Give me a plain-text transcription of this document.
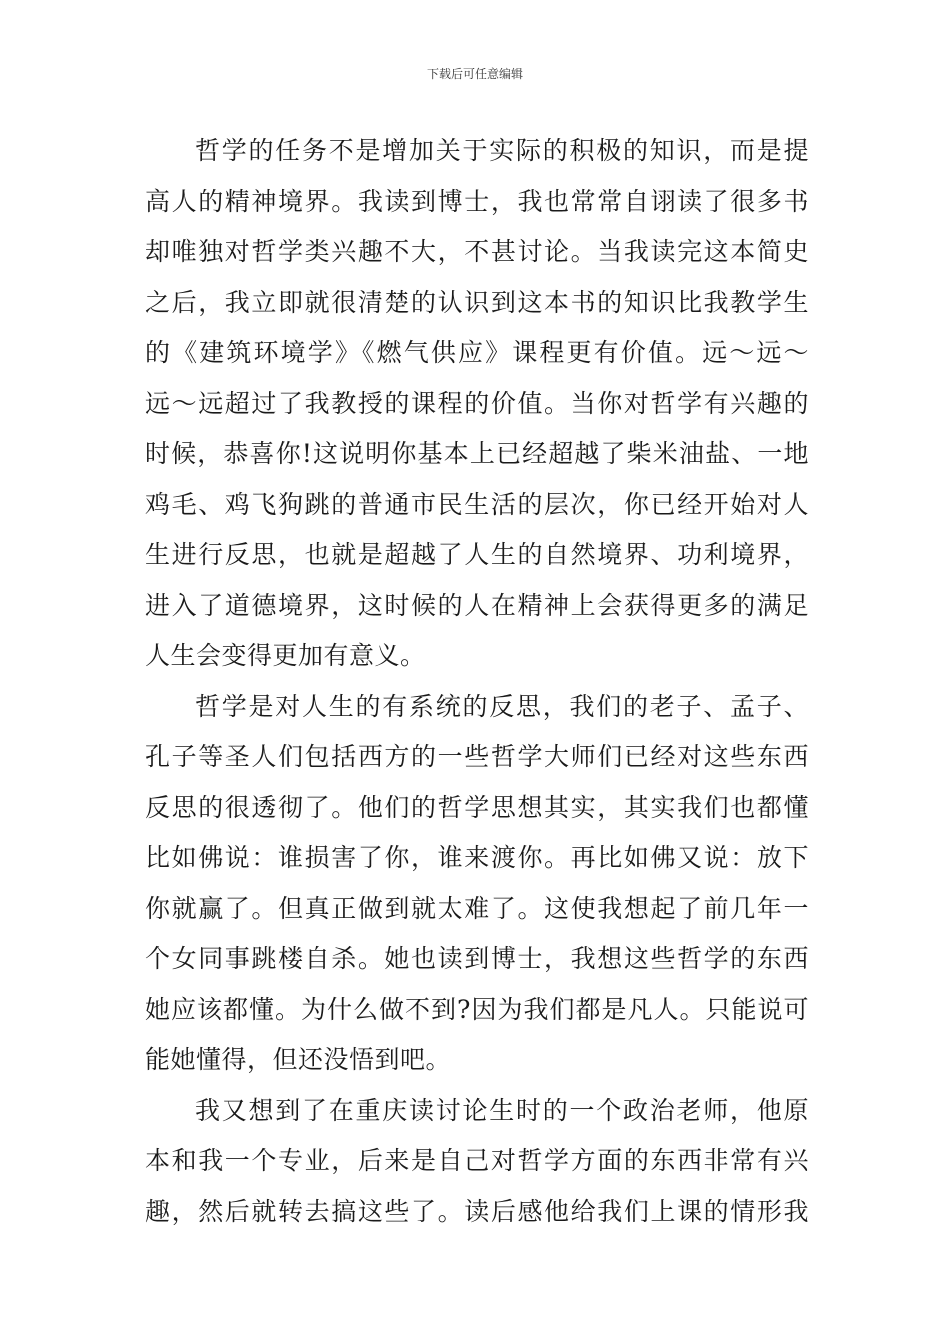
下载后可任意编辑
哲学的任务不是增加关于实际的积极的知识，而是提
高人的精神境界。我读到博士，我也常常自诩读了很多书
却唯独对哲学类兴趣不大，不甚讨论。当我读完这本简史
之后，我立即就很清楚的认识到这本书的知识比我教学生
的《建筑环境学》《燃气供应》课程更有价值。远～远～
远～远超过了我教授的课程的价值。当你对哲学有兴趣的
时候，恭喜你!这说明你基本上已经超越了柴米油盐、一地
鸡毛、鸡飞狗跳的普通市民生活的层次，你已经开始对人
生进行反思，也就是超越了人生的自然境界、功利境界，
进入了道德境界，这时候的人在精神上会获得更多的满足
人生会变得更加有意义。
哲学是对人生的有系统的反思，我们的老子、孟子、
孔子等圣人们包括西方的一些哲学大师们已经对这些东西
反思的很透彻了。他们的哲学思想其实，其实我们也都懂
比如佛说：谁损害了你，谁来渡你。再比如佛又说：放下
你就赢了。但真正做到就太难了。这使我想起了前几年一
个女同事跳楼自杀。她也读到博士，我想这些哲学的东西
她应该都懂。为什么做不到?因为我们都是凡人。只能说可
能她懂得，但还没悟到吧。
我又想到了在重庆读讨论生时的一个政治老师，他原
本和我一个专业，后来是自己对哲学方面的东西非常有兴
趣，然后就转去搞这些了。读后感他给我们上课的情形我
